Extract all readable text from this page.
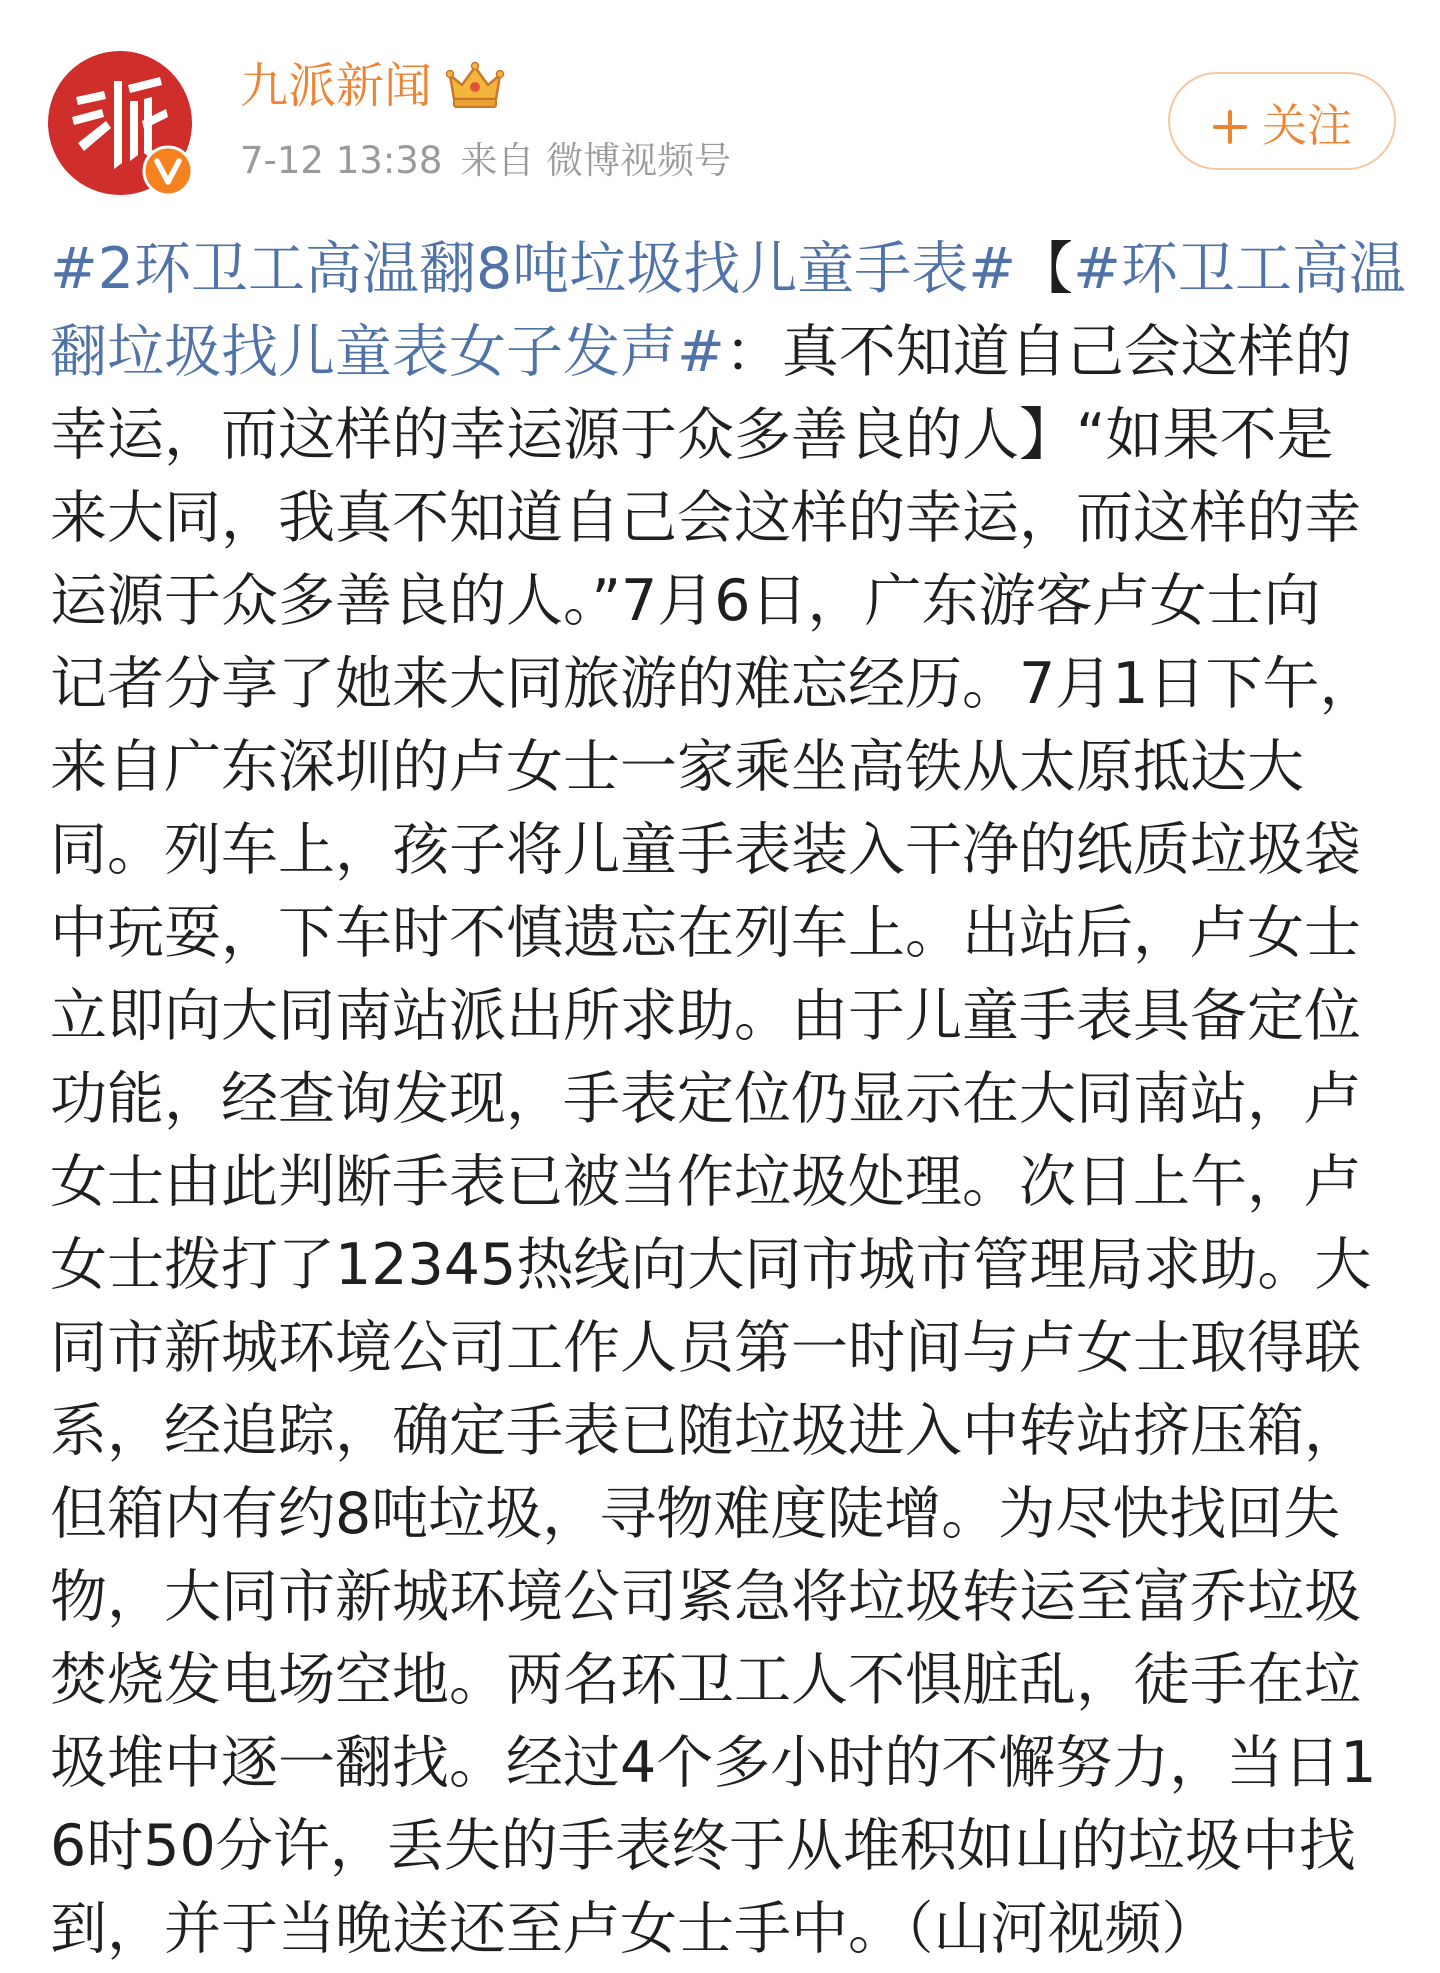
九派新闻
7-12 13:38 来自 微博视频号
关注
#2环卫工高温翻8吨垃圾找儿童手表#【#环卫工高温
翻垃圾找儿童表女子发声#：真不知道自己会这样的
幸运，而这样的幸运源于众多善良的人】“如果不是
来大同，我真不知道自己会这样的幸运，而这样的幸
运源于众多善良的人。”7月6日，广东游客卢女士向
记者分享了她来大同旅游的难忘经历。7月1日下午，
来自广东深圳的卢女士一家乘坐高铁从太原抵达大
同。列车上，孩子将儿童手表装入干净的纸质垃圾袋
中玩耍，下车时不慎遗忘在列车上。出站后，卢女士
立即向大同南站派出所求助。由于儿童手表具备定位
功能，经查询发现，手表定位仍显示在大同南站，卢
女士由此判断手表已被当作垃圾处理。次日上午，卢
女士拨打了12345热线向大同市城市管理局求助。大
同市新城环境公司工作人员第一时间与卢女士取得联
系，经追踪，确定手表已随垃圾进入中转站挤压箱，
但箱内有约8吨垃圾，寻物难度陡增。为尽快找回失
物，大同市新城环境公司紧急将垃圾转运至富乔垃圾
焚烧发电场空地。两名环卫工人不惧脏乱，徒手在垃
圾堆中逐一翻找。经过4个多小时的不懈努力，当日1
6时50分许，丢失的手表终于从堆积如山的垃圾中找
到，并于当晚送还至卢女士手中。（山河视频）
